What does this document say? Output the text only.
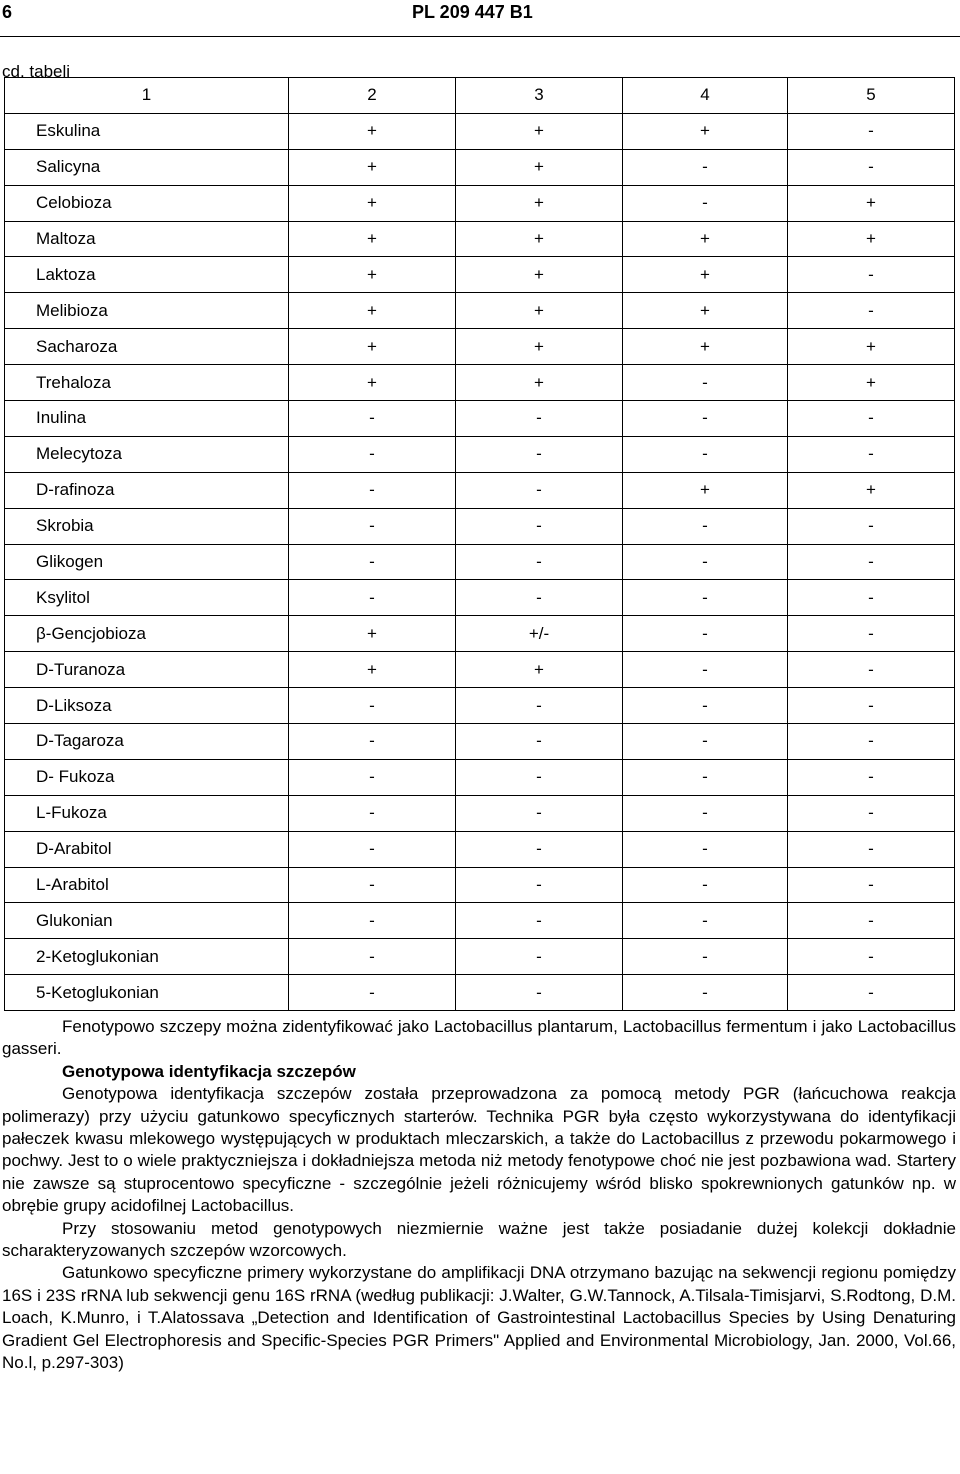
6	PL 209 447 B1
cd. tabeli
1	2	3	4	5
Eskulina	+	+	+	-
Salicyna	+	+	-	-
Celobioza	+	+	-	+
Maltoza	+	+	+	+
Laktoza	+	+	+	-
Melibioza	+	+	+	-
Sacharoza	+	+	+	+
Trehaloza	+	+	-	+
Inulina	-	-	-	-
Melecytoza	-	-	-	-
D-rafinoza	-	-	+	+
Skrobia	-	-	-	-
Glikogen	-	-	-	-
Ksylitol	-	-	-	-
β-Gencjobioza	+	+/-	-	-
D-Turanoza	+	+	-	-
D-Liksoza	-	-	-	-
D-Tagaroza	-	-	-	-
D- Fukoza	-	-	-	-
L-Fukoza	-	-	-	-
D-Arabitol	-	-	-	-
L-Arabitol	-	-	-	-
Glukonian	-	-	-	-
2-Ketoglukonian	-	-	-	-
5-Ketoglukonian	-	-	-	-

Fenotypowo szczepy można zidentyfikować jako Lactobacillus plantarum, Lactobacillus fermentum i jako Lactobacillus gasseri.

Genotypowa identyfikacja szczepów

Genotypowa identyfikacja szczepów została przeprowadzona za pomocą metody PGR (łańcuchowa reakcja polimerazy) przy użyciu gatunkowo specyficznych starterów. Technika PGR była często wykorzystywana do identyfikacji pałeczek kwasu mlekowego występujących w produktach mleczarskich, a także do Lactobacillus z przewodu pokarmowego i pochwy. Jest to o wiele praktyczniejsza i dokładniejsza metoda niż metody fenotypowe choć nie jest pozbawiona wad. Startery nie zawsze są stuprocentowo specyficzne - szczególnie jeżeli różnicujemy wśród blisko spokrewnionych gatunków np. w obrębie grupy acidofilnej Lactobacillus.

Przy stosowaniu metod genotypowych niezmiernie ważne jest także posiadanie dużej kolekcji dokładnie scharakteryzowanych szczepów wzorcowych.

Gatunkowo specyficzne primery wykorzystane do amplifikacji DNA otrzymano bazując na sekwencji regionu pomiędzy 16S i 23S rRNA lub sekwencji genu 16S rRNA (według publikacji: J.Walter, G.W.Tannock, A.Tilsala-Timisjarvi, S.Rodtong, D.M. Loach, K.Munro, i T.Alatossava „Detection and Identification of Gastrointestinal Lactobacillus Species by Using Denaturing Gradient Gel Electrophoresis and Specific-Species PGR Primers" Applied and Environmental Microbiology, Jan. 2000, Vol.66, No.l, p.297-303)
